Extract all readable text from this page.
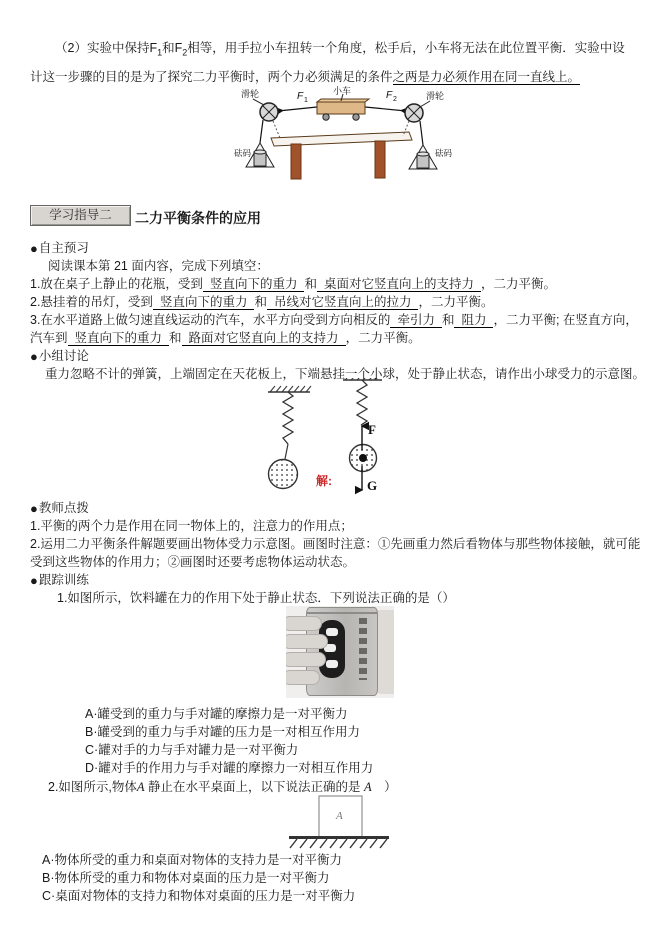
（2）实验中保持$F_1$和$F_2$相等，用手拉小车扭转一个角度，松手后，小车将无法在此位置平衡．实验中设计这一步骤的目的是为了探究二力平衡时，两个力必须满足的条件之两是力必须作用在同一直线上。

滑轮	滑轮
小车
F 1	F 2
砝码	砝码
学习指导二	二力平衡条件的应用
●自主预习
阅读课本第 21 面内容，完成下列填空：
1.放在桌子上静止的花瓶，受到 竖直向下的重力 和 桌面对它竖直向上的支持力 ，二力平衡。
2.悬挂着的吊灯，受到 竖直向下的重力 和 吊线对它竖直向上的拉力 ，二力平衡。
3.在水平道路上做匀速直线运动的汽车，水平方向受到方向相反的 牵引力 和 阻力 ，二力平衡; 在竖直方向，
汽车到 竖直向下的重力 和 路面对它竖直向上的支持力 ，二力平衡。
●小组讨论
重力忽略不计的弹簧，上端固定在天花板上，下端悬挂一个小球，处于静止状态，请作出小球受力的示意图。
F
G
解:
●教师点拨
1.平衡的两个力是作用在同一物体上的，注意力的作用点；
2.运用二力平衡条件解题要画出物体受力示意图。画图时注意：①先画重力然后看物体与那些物体接触，就可能受到这些物体的作用力；②画图时还要考虑物体运动状态。
●跟踪训练
1.如图所示，饮料罐在力的作用下处于静止状态．下列说法正确的是（）
A·罐受到的重力与手对罐的摩擦力是一对平衡力
B·罐受到的重力与手对罐的压力是一对相互作用力
C·罐对手的力与手对罐力是一对平衡力
D·罐对手的作用力与手对罐的摩擦力一对相互作用力
2.如图所示,物体A 静止在水平桌面上，以下说法正确的是 A　）
A
A·物体所受的重力和桌面对物体的支持力是一对平衡力
B·物体所受的重力和物体对桌面的压力是一对平衡力
C·桌面对物体的支持力和物体对桌面的压力是一对平衡力
